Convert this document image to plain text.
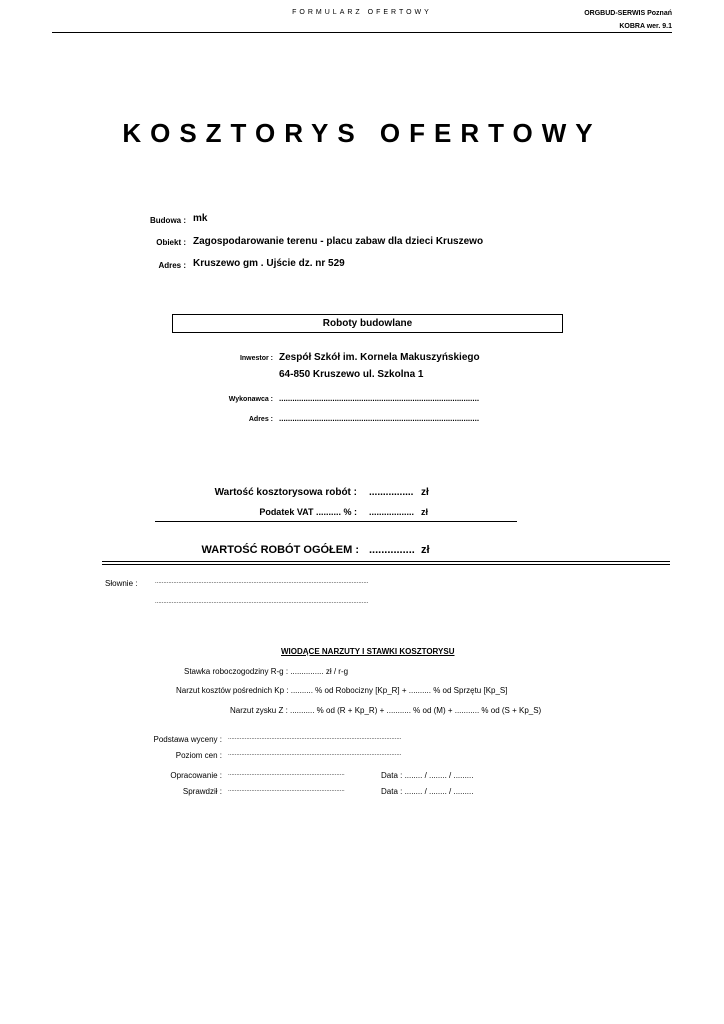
FORMULARZ OFERTOWY	ORGBUD-SERWIS Poznań
KOBRA wer. 9.1
KOSZTORYS OFERTOWY
Budowa : mk
Obiekt : Zagospodarowanie terenu - placu zabaw dla dzieci Kruszewo
Adres : Kruszewo gm . Ujście dz. nr 529
Roboty budowlane
Inwestor : Zespół Szkół im. Kornela Makuszyńskiego
64-850 Kruszewo ul. Szkolna 1
Wykonawca : ..........................................................................................
Adres : ..........................................................................................
Wartość kosztorysowa robót : ................ zł
Podatek VAT .......... % : .................. zł
WARTOŚĆ ROBÓT OGÓŁEM : ............... zł
Słownie :	................................................................................................................................
................................................................................................................................
WIODĄCE NARZUTY I STAWKI KOSZTORYSU
Stawka roboczogodziny R-g : ............... zł / r-g
Narzut kosztów pośrednich Kp : .......... % od Robocizny [Kp_R] + .......... % od Sprzętu [Kp_S]
Narzut zysku Z : ........... % od (R + Kp_R) + ........... % od (M) + ........... % od (S + Kp_S)
Podstawa wyceny : ........................................................................................................
Poziom cen : ........................................................................................................
Opracowanie : ......................................................................	Data : ........ / ........ / .........
Sprawdził : ......................................................................	Data : ........ / ........ / .........
